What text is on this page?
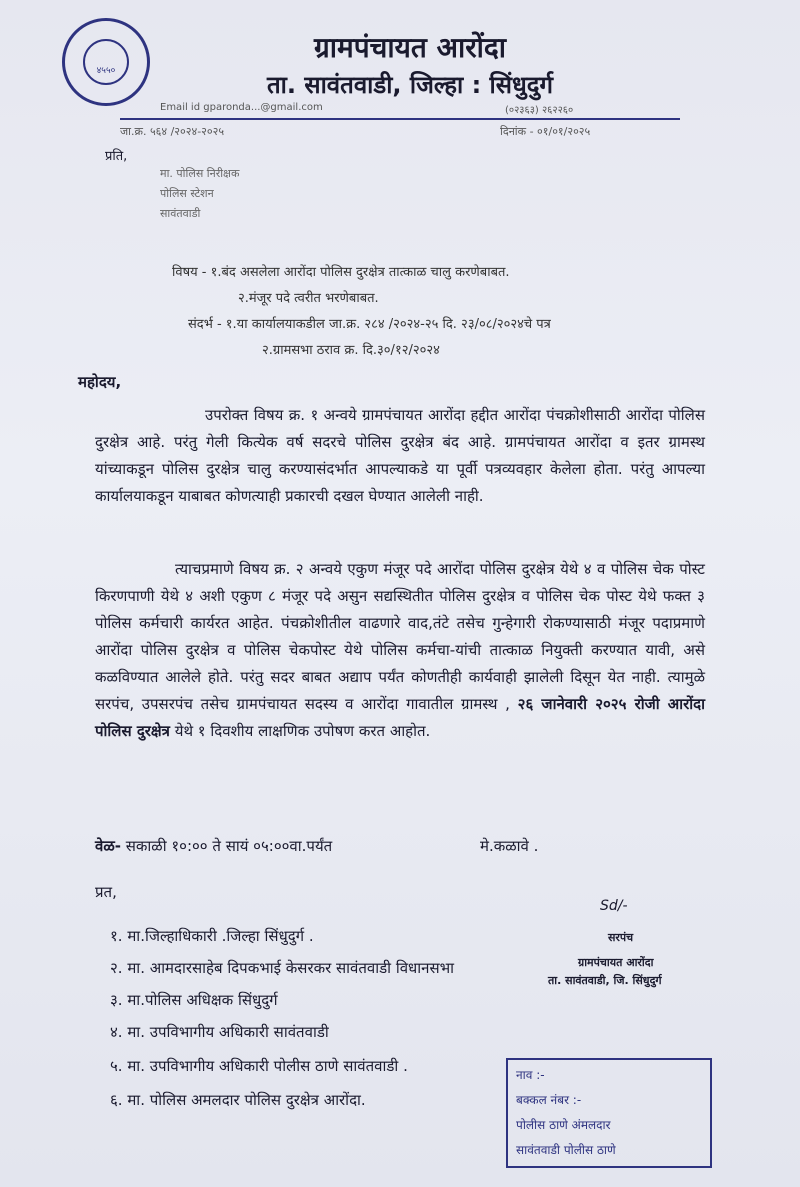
४५५०
ग्रामपंचायत आरोंदा
ता. सावंतवाडी, जिल्हा : सिंधुदुर्ग
Email id gparonda...@gmail.com	(०२३६३) २६२२६०
जा.क्र. ५६४ /२०२४-२०२५	दिनांक - ०१/०१/२०२५
प्रति,
मा. पोलिस निरीक्षक
पोलिस स्टेशन
सावंतवाडी
विषय - १.बंद असलेला आरोंदा पोलिस दुरक्षेत्र तात्काळ चालु करणेबाबत.
२.मंजूर पदे त्वरीत भरणेबाबत.
संदर्भ - १.या कार्यालयाकडील जा.क्र. २८४ /२०२४-२५ दि. २३/०८/२०२४चे पत्र
२.ग्रामसभा ठराव क्र. दि.३०/१२/२०२४
महोदय,
उपरोक्त विषय क्र. १ अन्वये ग्रामपंचायत आरोंदा हद्दीत आरोंदा पंचक्रोशीसाठी आरोंदा पोलिस दुरक्षेत्र आहे. परंतु गेली कित्येक वर्ष सदरचे पोलिस दुरक्षेत्र बंद आहे. ग्रामपंचायत आरोंदा व इतर ग्रामस्थ यांच्याकडून पोलिस दुरक्षेत्र चालु करण्यासंदर्भात आपल्याकडे या पूर्वी पत्रव्यवहार केलेला होता. परंतु आपल्या कार्यालयाकडून याबाबत कोणत्याही प्रकारची दखल घेण्यात आलेली नाही.
त्याचप्रमाणे विषय क्र. २ अन्वये एकुण मंजूर पदे आरोंदा पोलिस दुरक्षेत्र येथे ४ व पोलिस चेक पोस्ट किरणपाणी येथे ४ अशी एकुण ८ मंजूर पदे असुन सद्यस्थितीत पोलिस दुरक्षेत्र व पोलिस चेक पोस्ट येथे फक्त ३ पोलिस कर्मचारी कार्यरत आहेत. पंचक्रोशीतील वाढणारे वाद,तंटे तसेच गुन्हेगारी रोकण्यासाठी मंजूर पदाप्रमाणे आरोंदा पोलिस दुरक्षेत्र व पोलिस चेकपोस्ट येथे पोलिस कर्मचा-यांची तात्काळ नियुक्ती करण्यात यावी, असे कळविण्यात आलेले होते. परंतु सदर बाबत अद्याप पर्यंत कोणतीही कार्यवाही झालेली दिसून येत नाही. त्यामुळे सरपंच, उपसरपंच तसेच ग्रामपंचायत सदस्य व आरोंदा गावातील ग्रामस्थ , २६ जानेवारी २०२५ रोजी आरोंदा पोलिस दुरक्षेत्र येथे १ दिवशीय लाक्षणिक उपोषण करत आहोत.
वेळ- सकाळी १०:०० ते सायं ०५:००वा.पर्यंत	मे.कळावे .
प्रत,
१. मा.जिल्हाधिकारी .जिल्हा सिंधुदुर्ग .
२. मा. आमदारसाहेब दिपकभाई केसरकर सावंतवाडी विधानसभा
३. मा.पोलिस अधिक्षक सिंधुदुर्ग
४. मा. उपविभागीय अधिकारी सावंतवाडी
५. मा. उपविभागीय अधिकारी पोलीस ठाणे सावंतवाडी .
६. मा. पोलिस अमलदार पोलिस दुरक्षेत्र आरोंदा.
Sd/-
सरपंच
ग्रामपंचायत आरोंदा
ता. सावंतवाडी, जि. सिंधुदुर्ग
नाव :-
बक्कल नंबर :-
पोलीस ठाणे अंमलदार
सावंतवाडी पोलीस ठाणे
